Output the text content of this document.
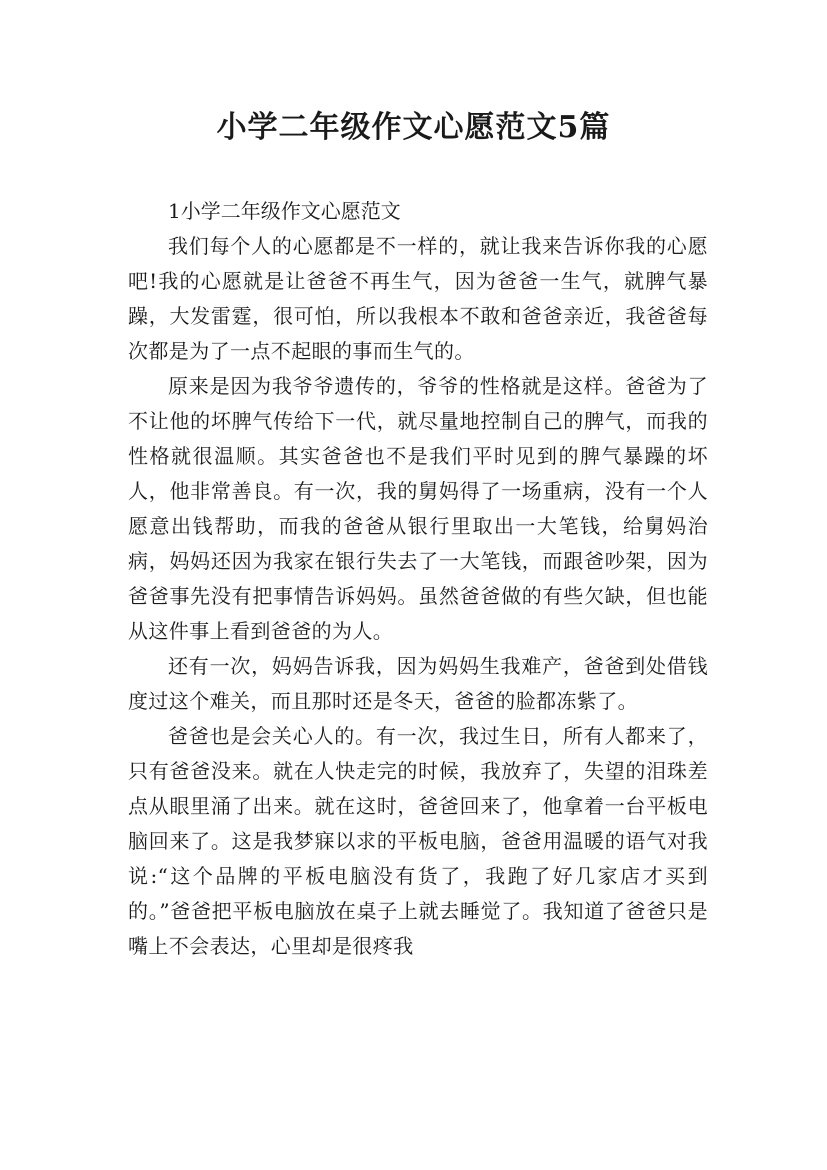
小学二年级作文心愿范文5篇
1小学二年级作文心愿范文

我们每个人的心愿都是不一样的，就让我来告诉你我的心愿吧!我的心愿就是让爸爸不再生气，因为爸爸一生气，就脾气暴躁，大发雷霆，很可怕，所以我根本不敢和爸爸亲近，我爸爸每次都是为了一点不起眼的事而生气的。

原来是因为我爷爷遗传的，爷爷的性格就是这样。爸爸为了不让他的坏脾气传给下一代，就尽量地控制自己的脾气，而我的性格就很温顺。其实爸爸也不是我们平时见到的脾气暴躁的坏人，他非常善良。有一次，我的舅妈得了一场重病，没有一个人愿意出钱帮助，而我的爸爸从银行里取出一大笔钱，给舅妈治病，妈妈还因为我家在银行失去了一大笔钱，而跟爸吵架，因为爸爸事先没有把事情告诉妈妈。虽然爸爸做的有些欠缺，但也能从这件事上看到爸爸的为人。

还有一次，妈妈告诉我，因为妈妈生我难产，爸爸到处借钱度过这个难关，而且那时还是冬天，爸爸的脸都冻紫了。

爸爸也是会关心人的。有一次，我过生日，所有人都来了，只有爸爸没来。就在人快走完的时候，我放弃了，失望的泪珠差点从眼里涌了出来。就在这时，爸爸回来了，他拿着一台平板电脑回来了。这是我梦寐以求的平板电脑，爸爸用温暖的语气对我说:“这个品牌的平板电脑没有货了，我跑了好几家店才买到的。”爸爸把平板电脑放在桌子上就去睡觉了。我知道了爸爸只是嘴上不会表达，心里却是很疼我
